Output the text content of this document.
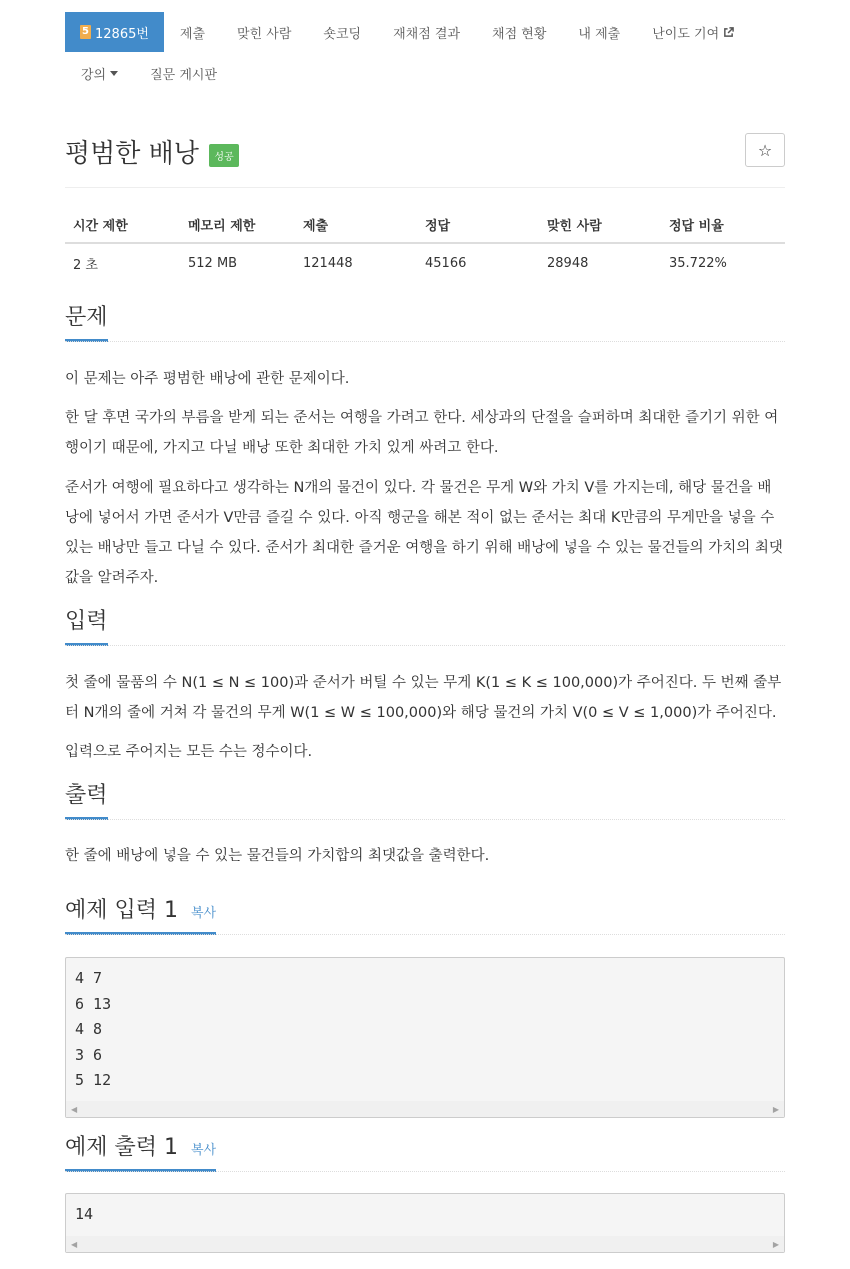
5 12865번	제출	맞힌 사람	숏코딩	재채점 결과	채점 현황	내 제출	난이도 기여
강의	질문 게시판
평범한 배낭 성공	☆
시간 제한	메모리 제한	제출	정답	맞힌 사람	정답 비율
2 초	512 MB	121448	45166	28948	35.722%
문제

이 문제는 아주 평범한 배낭에 관한 문제이다.

한 달 후면 국가의 부름을 받게 되는 준서는 여행을 가려고 한다. 세상과의 단절을 슬퍼하며 최대한 즐기기 위한 여행이기 때문에, 가지고 다닐 배낭 또한 최대한 가치 있게 싸려고 한다.

준서가 여행에 필요하다고 생각하는 N개의 물건이 있다. 각 물건은 무게 W와 가치 V를 가지는데, 해당 물건을 배낭에 넣어서 가면 준서가 V만큼 즐길 수 있다. 아직 행군을 해본 적이 없는 준서는 최대 K만큼의 무게만을 넣을 수 있는 배낭만 들고 다닐 수 있다. 준서가 최대한 즐거운 여행을 하기 위해 배낭에 넣을 수 있는 물건들의 가치의 최댓값을 알려주자.

입력

첫 줄에 물품의 수 N(1 ≤ N ≤ 100)과 준서가 버틸 수 있는 무게 K(1 ≤ K ≤ 100,000)가 주어진다. 두 번째 줄부터 N개의 줄에 거쳐 각 물건의 무게 W(1 ≤ W ≤ 100,000)와 해당 물건의 가치 V(0 ≤ V ≤ 1,000)가 주어진다.

입력으로 주어지는 모든 수는 정수이다.

출력

한 줄에 배낭에 넣을 수 있는 물건들의 가치합의 최댓값을 출력한다.

예제 입력 1 복사
4 7
6 13
4 8
3 6
5 12
◀	▶
예제 출력 1 복사
14
◀	▶
